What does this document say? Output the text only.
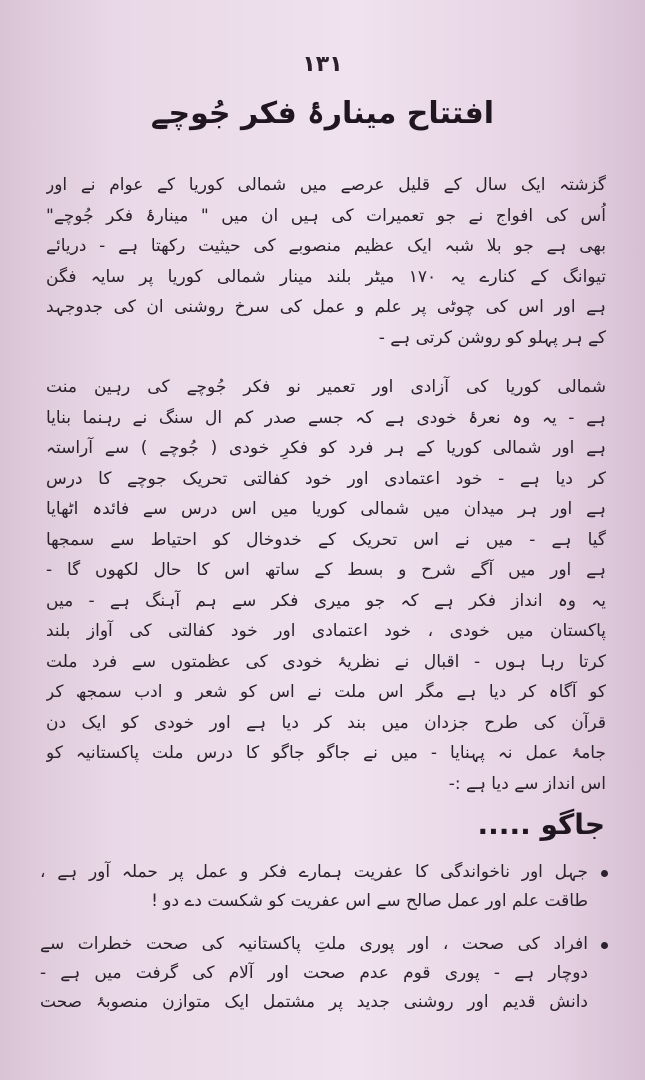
۱۳۱
افتتاح مینارۂ فکر جُوچے
گزشتہ ایک سال کے قلیل عرصے میں شمالی کوریا کے عوام نے اور
اُس کی افواج نے جو تعمیرات کی ہیں ان میں " مینارۂ فکر جُوچے"
بھی ہے جو بلا شبہ ایک عظیم منصوبے کی حیثیت رکھتا ہے - دریائے
تیوانگ کے کنارے یہ ۱۷۰ میٹر بلند مینار شمالی کوریا پر سایہ فگن
ہے اور اس کی چوٹی پر علم و عمل کی سرخ روشنی ان کی جدوجہد
کے ہر پہلو کو روشن کرتی ہے -
شمالی کوریا کی آزادی اور تعمیر نو فکر جُوچے کی رہین منت
ہے - یہ وہ نعرۂ خودی ہے کہ جسے صدر کم ال سنگ نے رہنما بنایا
ہے اور شمالی کوریا کے ہر فرد کو فکرِ خودی ( جُوچے ) سے آراستہ
کر دیا ہے - خود اعتمادی اور خود کفالتی تحریک جوچے کا درس
ہے اور ہر میدان میں شمالی کوریا میں اس درس سے فائدہ اٹھایا
گیا ہے - میں نے اس تحریک کے خدوخال کو احتیاط سے سمجھا
ہے اور میں آگے شرح و بسط کے ساتھ اس کا حال لکھوں گا -
یہ وہ انداز فکر ہے کہ جو میری فکر سے ہم آہنگ ہے - میں
پاکستان میں خودی ، خود اعتمادی اور خود کفالتی کی آواز بلند
کرتا رہا ہوں - اقبال نے نظریۂ خودی کی عظمتوں سے فرد ملت
کو آگاہ کر دیا ہے مگر اس ملت نے اس کو شعر و ادب سمجھ کر
قرآن کی طرح جزدان میں بند کر دیا ہے اور خودی کو ایک دن
جامۂ عمل نہ پہنایا - میں نے جاگو جاگو کا درس ملت پاکستانیہ کو
اس انداز سے دیا ہے :-
جاگو .....
جہل اور ناخواندگی کا عفریت ہمارے فکر و عمل پر حملہ آور ہے ،
طاقت علم اور عمل صالح سے اس عفریت کو شکست دے دو !
افراد کی صحت ، اور پوری ملتِ پاکستانیہ کی صحت خطرات سے
دوچار ہے - پوری قوم عدم صحت اور آلام کی گرفت میں ہے -
دانش قدیم اور روشنی جدید پر مشتمل ایک متوازن منصوبۂ صحت
